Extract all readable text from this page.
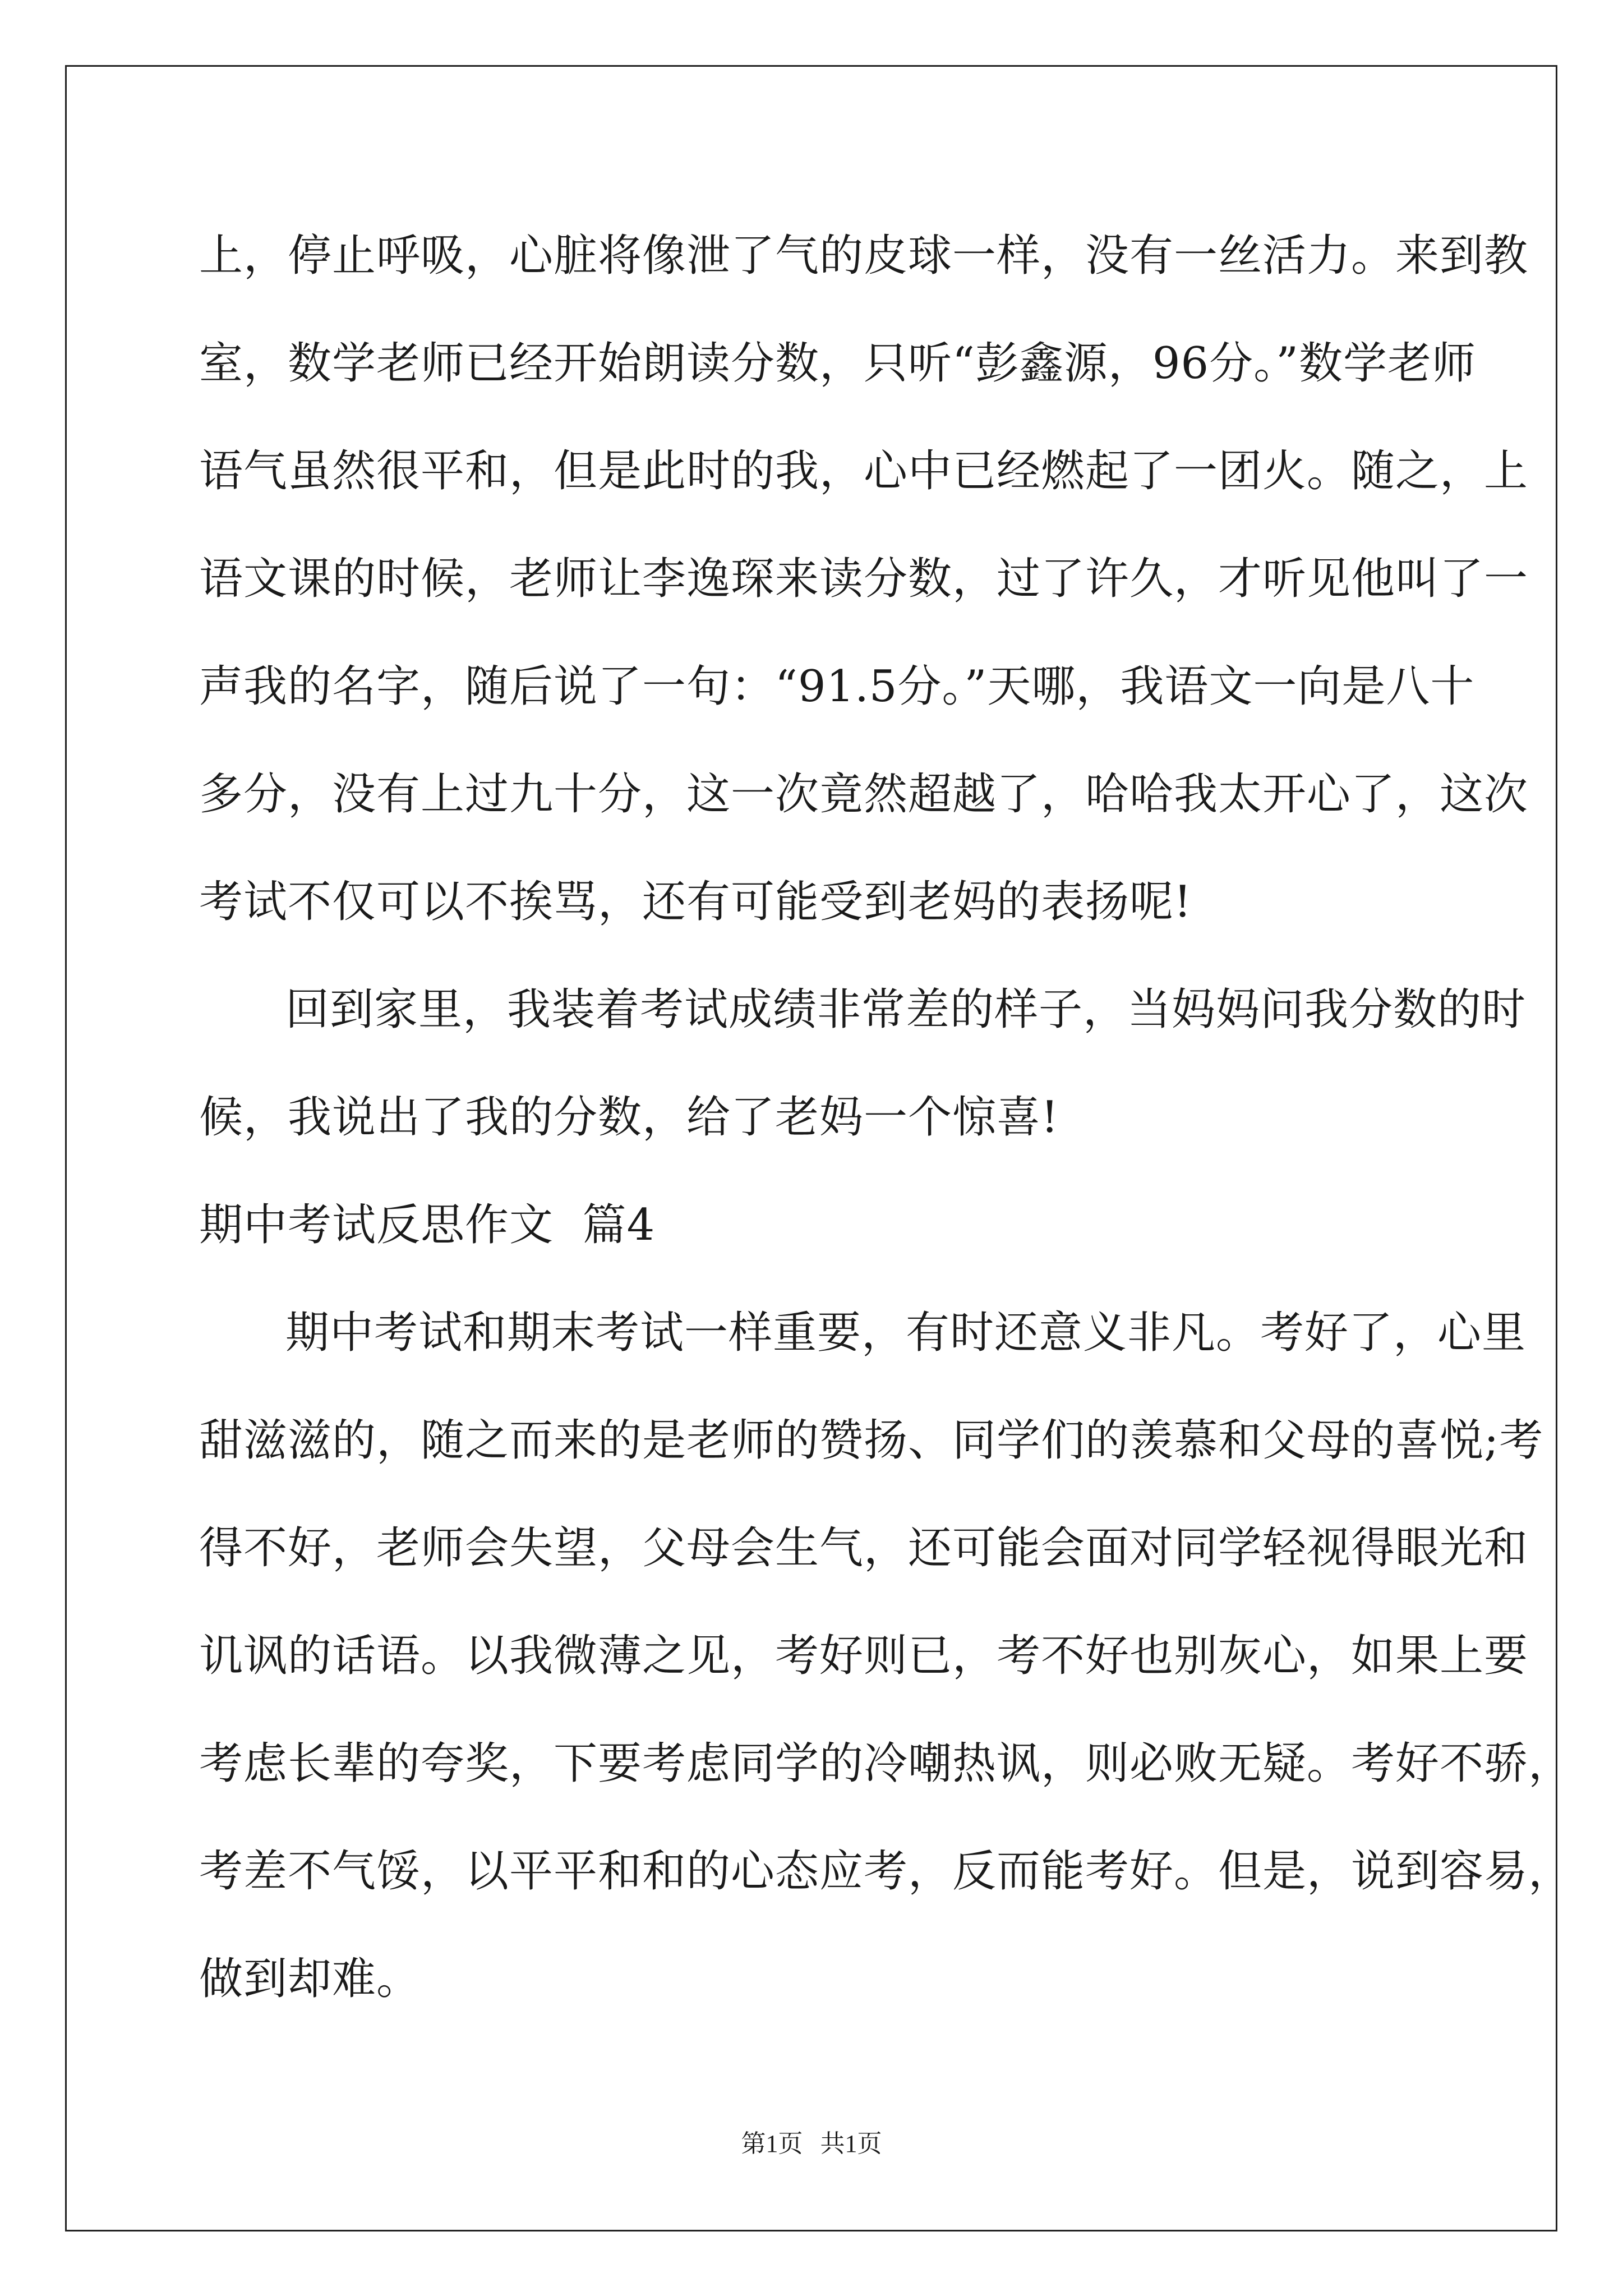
上，停止呼吸，心脏将像泄了气的皮球一样，没有一丝活力。来到教
室，数学老师已经开始朗读分数，只听“彭鑫源，96分。”数学老师
语气虽然很平和，但是此时的我，心中已经燃起了一团火。随之，上
语文课的时候，老师让李逸琛来读分数，过了许久，才听见他叫了一
声我的名字，随后说了一句：“91.5分。”天哪，我语文一向是八十
多分，没有上过九十分，这一次竟然超越了，哈哈我太开心了，这次
考试不仅可以不挨骂，还有可能受到老妈的表扬呢!
回到家里，我装着考试成绩非常差的样子，当妈妈问我分数的时
候，我说出了我的分数，给了老妈一个惊喜!
期中考试反思作文  篇4
期中考试和期末考试一样重要，有时还意义非凡。考好了，心里
甜滋滋的，随之而来的是老师的赞扬、同学们的羡慕和父母的喜悦;考
得不好，老师会失望，父母会生气，还可能会面对同学轻视得眼光和
讥讽的话语。以我微薄之见，考好则已，考不好也别灰心，如果上要
考虑长辈的夸奖，下要考虑同学的冷嘲热讽，则必败无疑。考好不骄，
考差不气馁，以平平和和的心态应考，反而能考好。但是，说到容易，
做到却难。
第1页 共1页
